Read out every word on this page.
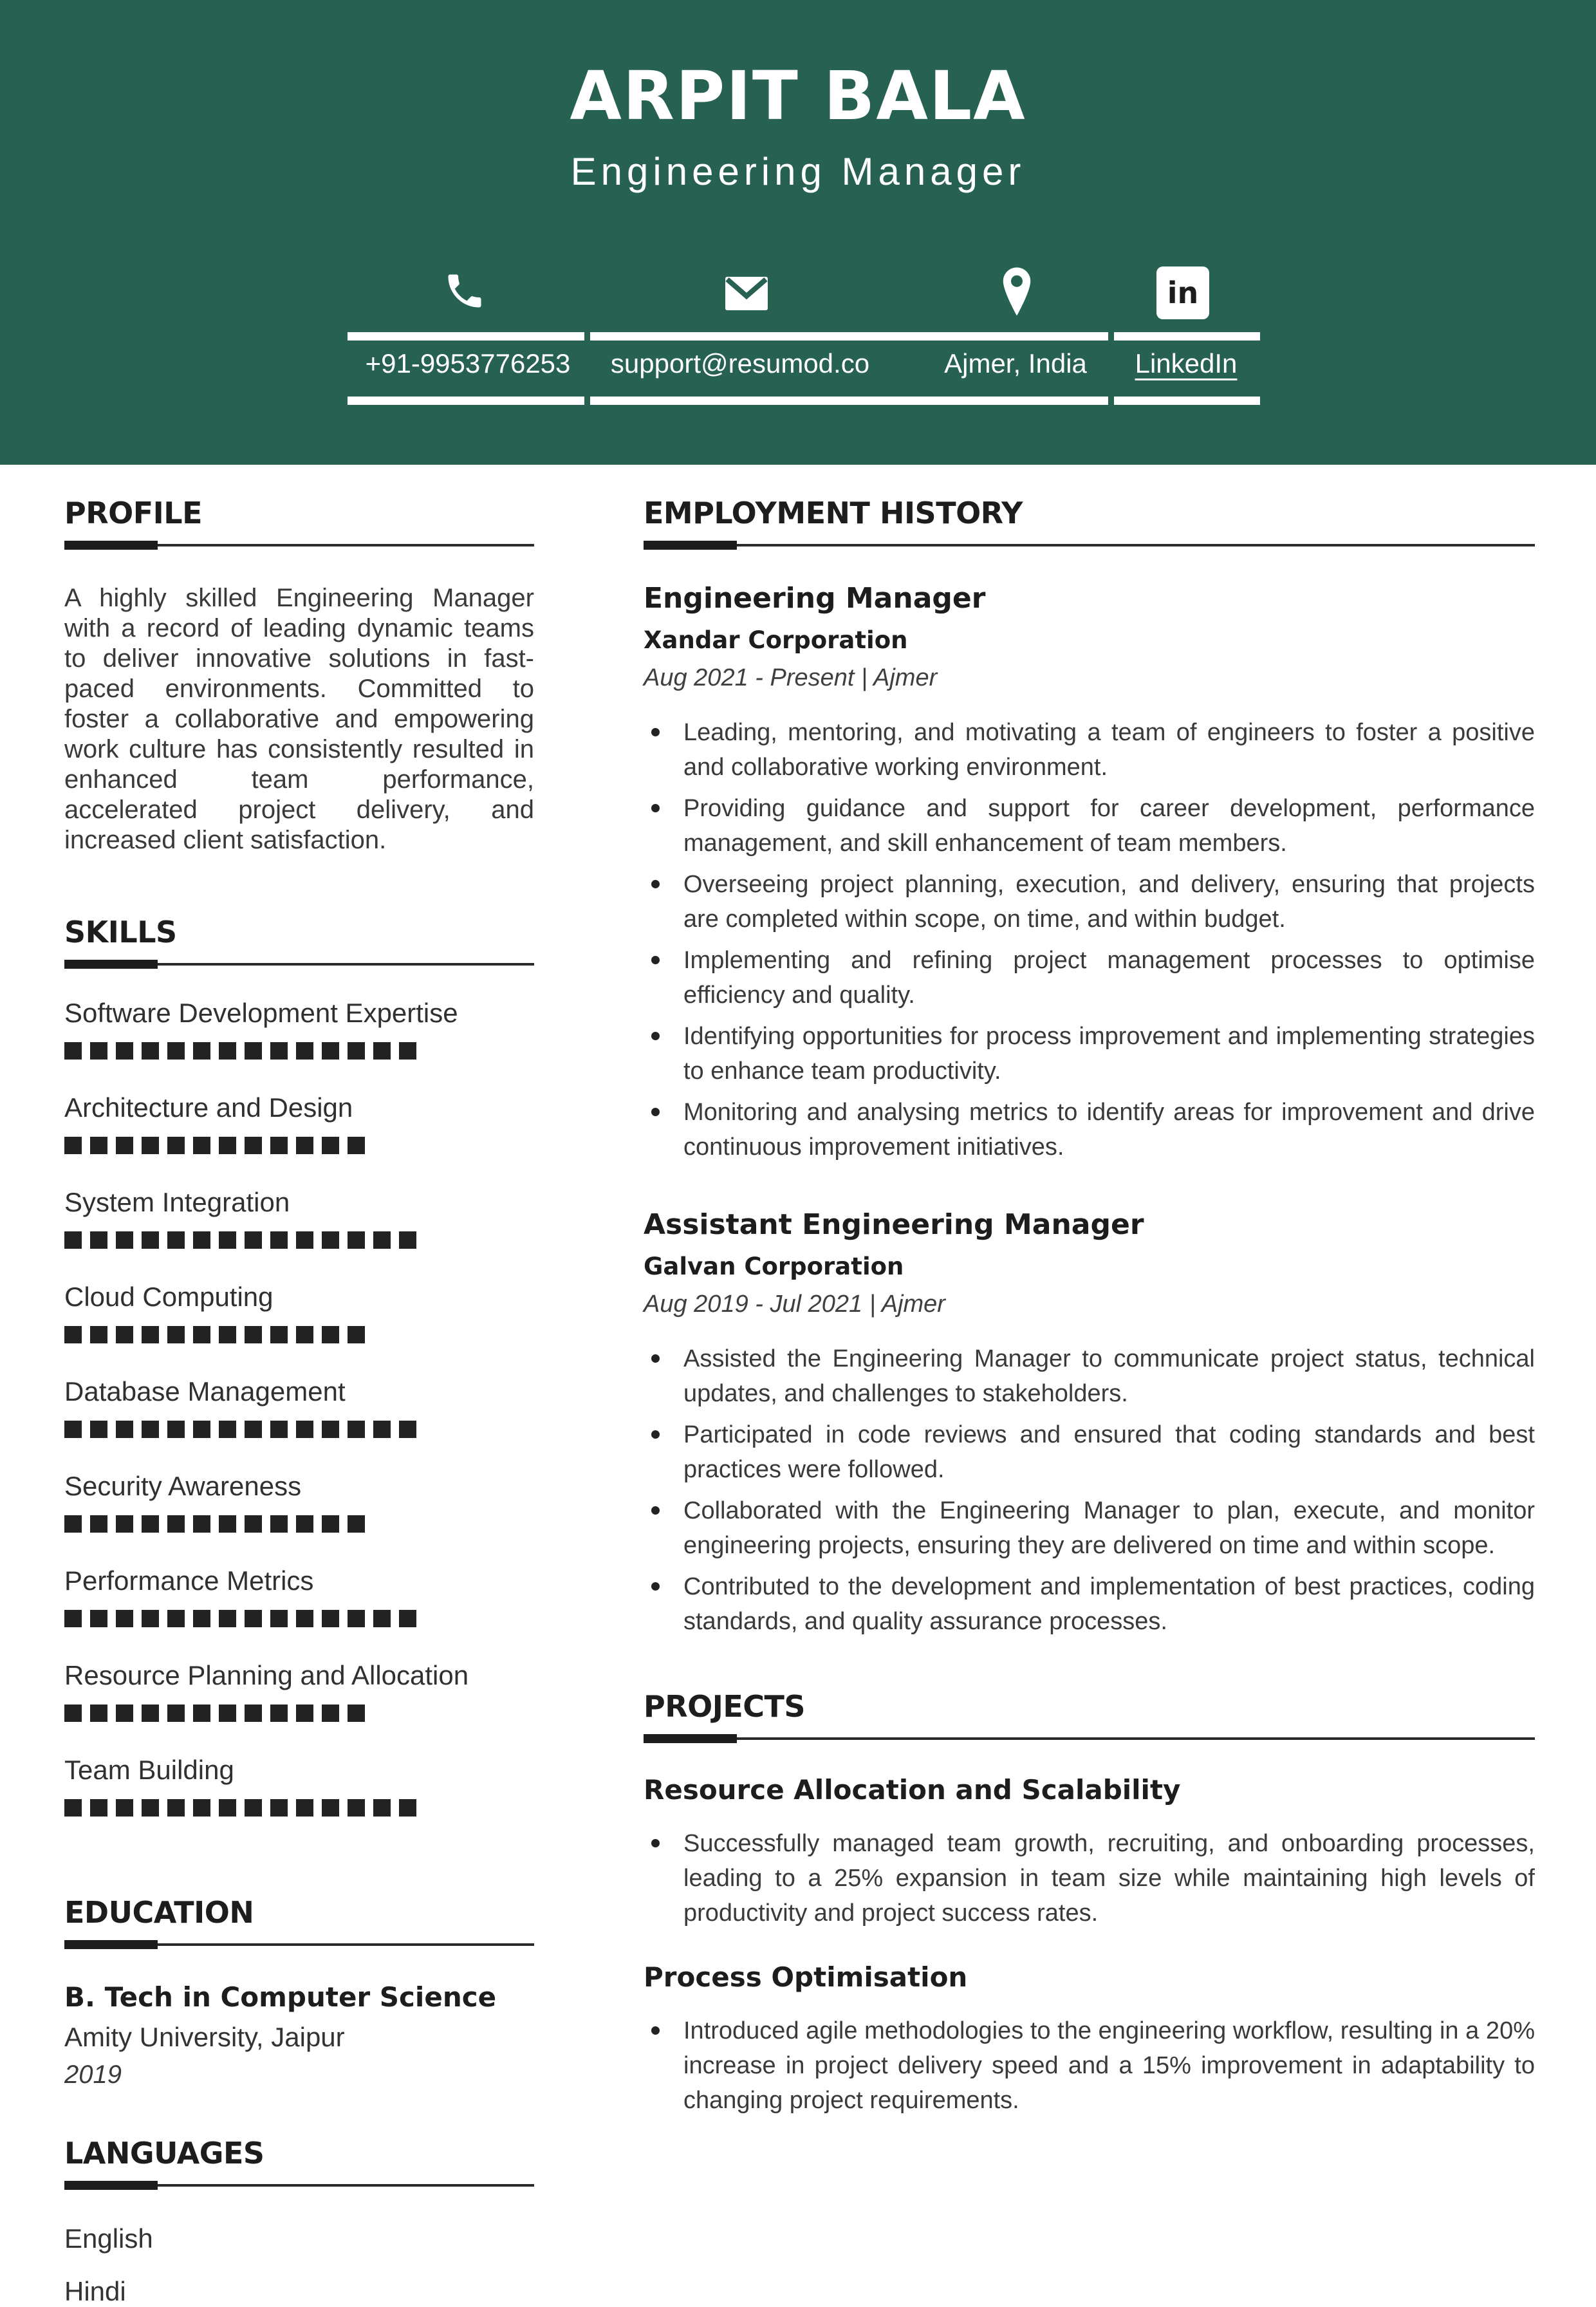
ARPIT BALA
Engineering Manager
in
+91-9953776253 support@resumod.co	Ajmer, India LinkedIn
PROFILE

A highly skilled Engineering Manager with a record of leading dynamic teams to deliver innovative solutions in fast-paced environments. Committed to foster a collaborative and empowering work culture has consistently resulted in enhanced team performance, accelerated project delivery, and increased client satisfaction.

SKILLS
Software Development Expertise
Architecture and Design
System Integration
Cloud Computing
Database Management
Security Awareness
Performance Metrics
Resource Planning and Allocation
Team Building
EDUCATION
B. Tech in Computer Science
Amity University, Jaipur
2019
LANGUAGES
English
Hindi
EMPLOYMENT HISTORY
Engineering Manager
Xandar Corporation
Aug 2021 - Present | Ajmer
Leading, mentoring, and motivating a team of engineers to foster a positive and collaborative working environment.
Providing guidance and support for career development, performance management, and skill enhancement of team members.
Overseeing project planning, execution, and delivery, ensuring that projects are completed within scope, on time, and within budget.
Implementing and refining project management processes to optimise efficiency and quality.
Identifying opportunities for process improvement and implementing strategies to enhance team productivity.
Monitoring and analysing metrics to identify areas for improvement and drive continuous improvement initiatives.
Assistant Engineering Manager
Galvan Corporation
Aug 2019 - Jul 2021 | Ajmer
Assisted the Engineering Manager to communicate project status, technical updates, and challenges to stakeholders.
Participated in code reviews and ensured that coding standards and best practices were followed.
Collaborated with the Engineering Manager to plan, execute, and monitor engineering projects, ensuring they are delivered on time and within scope.
Contributed to the development and implementation of best practices, coding standards, and quality assurance processes.
PROJECTS
Resource Allocation and Scalability
Successfully managed team growth, recruiting, and onboarding processes, leading to a 25% expansion in team size while maintaining high levels of productivity and project success rates.
Process Optimisation
Introduced agile methodologies to the engineering workflow, resulting in a 20% increase in project delivery speed and a 15% improvement in adaptability to changing project requirements.
